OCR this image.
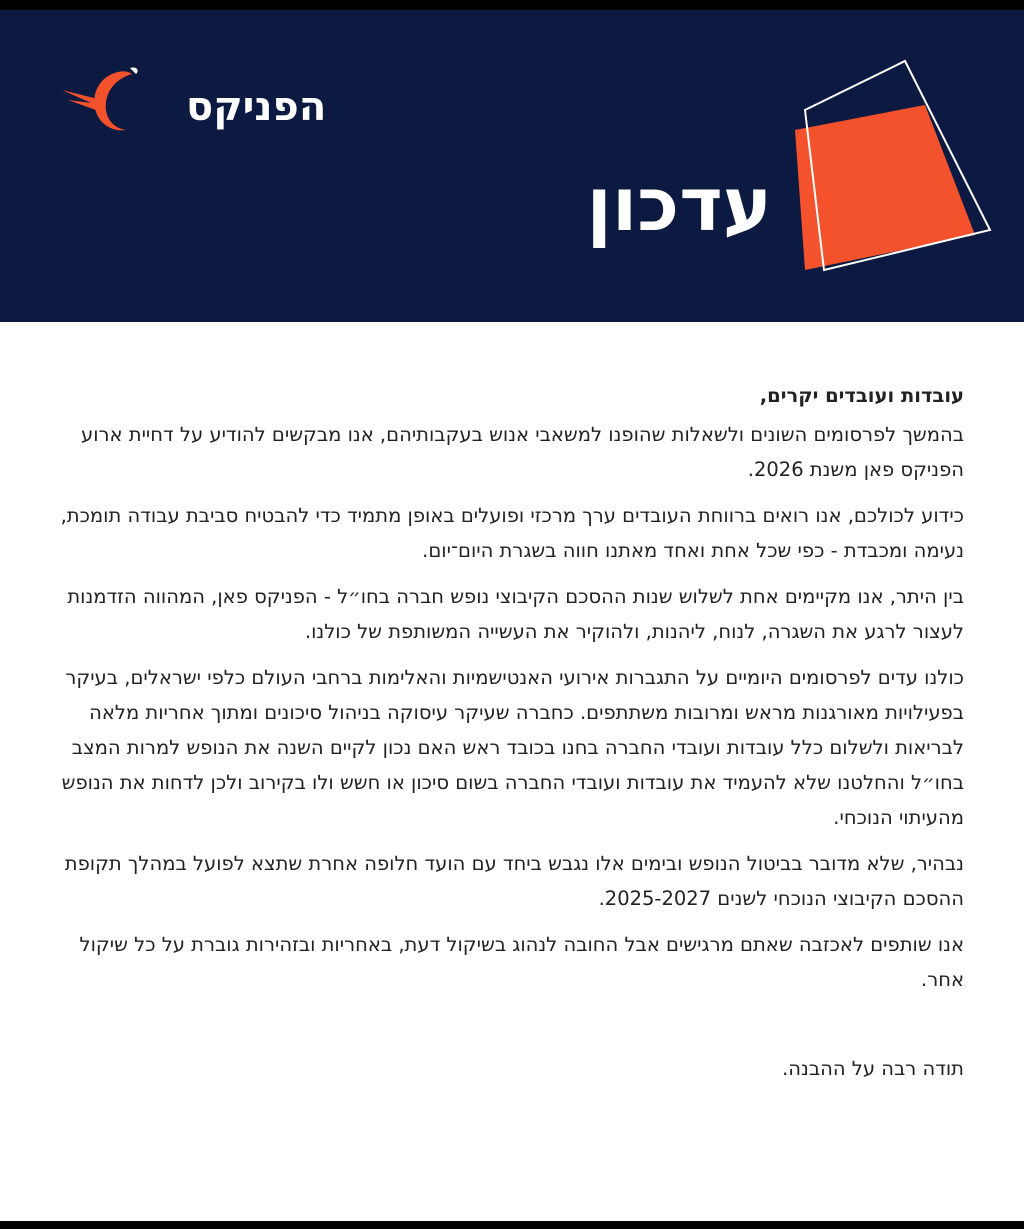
הפניקס
עדכון

עובדות ועובדים יקרים,

בהמשך לפרסומים השונים ולשאלות שהופנו למשאבי אנוש בעקבותיהם, אנו מבקשים להודיע על דחיית ארוע הפניקס פאן משנת 2026.

כידוע לכולכם, אנו רואים ברווחת העובדים ערך מרכזי ופועלים באופן מתמיד כדי להבטיח סביבת עבודה תומכת, נעימה ומכבדת - כפי שכל אחת ואחד מאתנו חווה בשגרת היום־יום.

בין היתר, אנו מקיימים אחת לשלוש שנות ההסכם הקיבוצי נופש חברה בחו״ל - הפניקס פאן, המהווה הזדמנות לעצור לרגע את השגרה, לנוח, ליהנות, ולהוקיר את העשייה המשותפת של כולנו.

כולנו עדים לפרסומים היומיים על התגברות אירועי האנטישמיות והאלימות ברחבי העולם כלפי ישראלים, בעיקר בפעילויות מאורגנות מראש ומרובות משתתפים. כחברה שעיקר עיסוקה בניהול סיכונים ומתוך אחריות מלאה לבריאות ולשלום כלל עובדות ועובדי החברה בחנו בכובד ראש האם נכון לקיים השנה את הנופש למרות המצב בחו״ל והחלטנו שלא להעמיד את עובדות ועובדי החברה בשום סיכון או חשש ולו בקירוב ולכן לדחות את הנופש מהעיתוי הנוכחי.

נבהיר, שלא מדובר בביטול הנופש ובימים אלו נגבש ביחד עם הועד חלופה אחרת שתצא לפועל במהלך תקופת ההסכם הקיבוצי הנוכחי לשנים 2025-2027.

אנו שותפים לאכזבה שאתם מרגישים אבל החובה לנהוג בשיקול דעת, באחריות ובזהירות גוברת על כל שיקול אחר.

תודה רבה על ההבנה.
